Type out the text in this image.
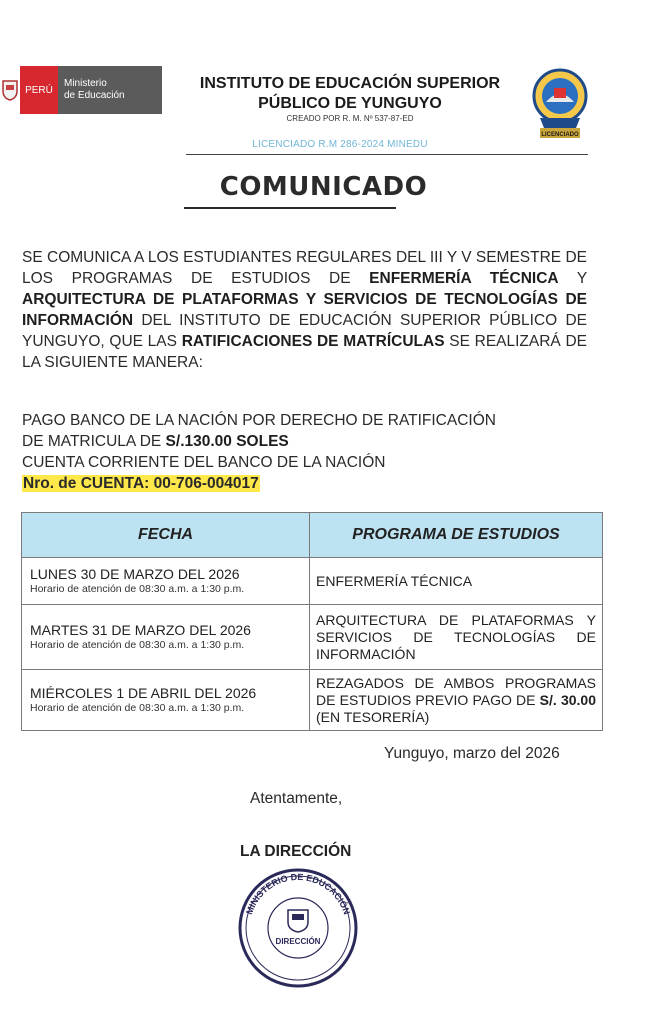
PERÚ
Ministerio
de Educación
INSTITUTO DE EDUCACIÓN SUPERIOR
PÚBLICO DE YUNGUYO
CREADO POR R. M. Nº 537-87-ED
LICENCIADO R.M 286-2024 MINEDU
LICENCIADO
COMUNICADO
SE COMUNICA A LOS ESTUDIANTES REGULARES DEL III Y V SEMESTRE DE LOS PROGRAMAS DE ESTUDIOS DE ENFERMERÍA TÉCNICA Y ARQUITECTURA DE PLATAFORMAS Y SERVICIOS DE TECNOLOGÍAS DE INFORMACIÓN DEL INSTITUTO DE EDUCACIÓN SUPERIOR PÚBLICO DE YUNGUYO, QUE LAS RATIFICACIONES DE MATRÍCULAS SE REALIZARÁ DE LA SIGUIENTE MANERA:
PAGO BANCO DE LA NACIÓN POR DERECHO DE RATIFICACIÓN
DE MATRICULA DE S/.130.00 SOLES
CUENTA CORRIENTE DEL BANCO DE LA NACIÓN
Nro. de CUENTA: 00-706-004017
FECHA	PROGRAMA DE ESTUDIOS

LUNES 30 DE MARZO DEL 2026
Horario de atención de 08:30 a.m. a 1:30 p.m.	ENFERMERÍA TÉCNICA

MARTES 31 DE MARZO DEL 2026
Horario de atención de 08:30 a.m. a 1:30 p.m.	ARQUITECTURA DE PLATAFORMAS Y SERVICIOS DE TECNOLOGÍAS DE INFORMACIÓN

MIÉRCOLES 1 DE ABRIL DEL 2026
Horario de atención de 08:30 a.m. a 1:30 p.m.	REZAGADOS DE AMBOS PROGRAMAS DE ESTUDIOS PREVIO PAGO DE S/. 30.00 (EN TESORERÍA)
Yunguyo, marzo del 2026
Atentamente,
LA DIRECCIÓN
MINISTERIO DE EDUCACIÓN
DIRECCIÓN
